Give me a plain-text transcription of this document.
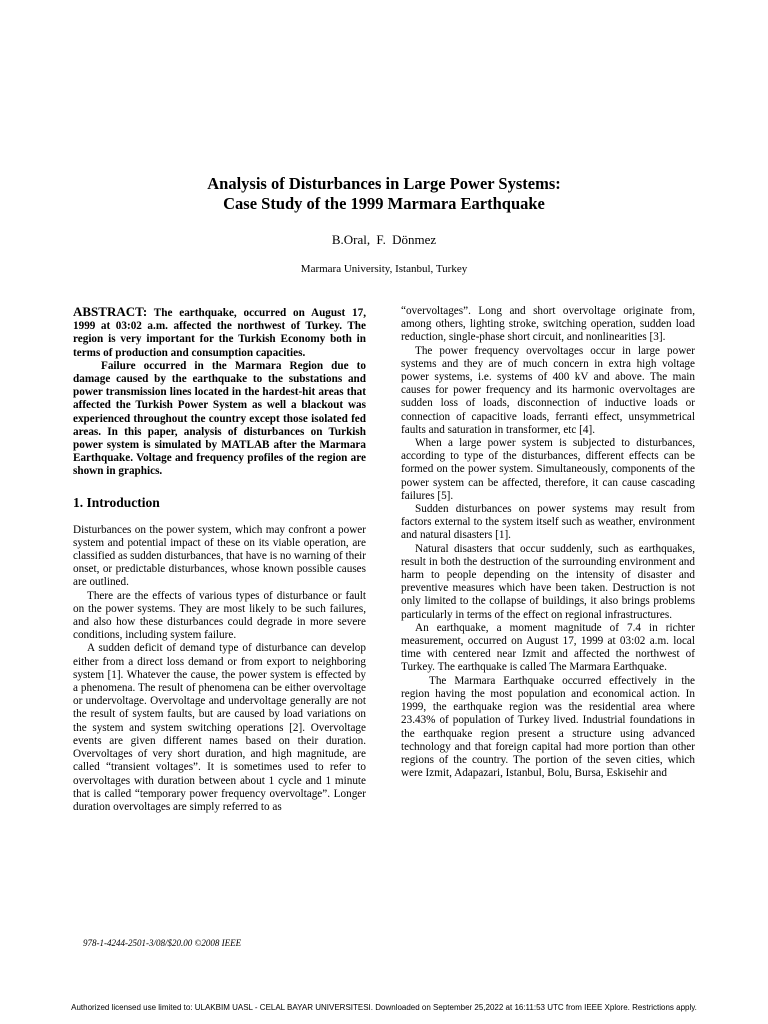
Analysis of Disturbances in Large Power Systems:
Case Study of the 1999 Marmara Earthquake
B.Oral, F. Dönmez
Marmara University, Istanbul, Turkey

ABSTRACT: The earthquake, occurred on August 17, 1999 at 03:02 a.m. affected the northwest of Turkey. The region is very important for the Turkish Economy both in terms of production and consumption capacities.

Failure occurred in the Marmara Region due to damage caused by the earthquake to the substations and power transmission lines located in the hardest-hit areas that affected the Turkish Power System as well a blackout was experienced throughout the country except those isolated fed areas. In this paper, analysis of disturbances on Turkish power system is simulated by MATLAB after the Marmara Earthquake. Voltage and frequency profiles of the region are shown in graphics.

1. Introduction

Disturbances on the power system, which may confront a power system and potential impact of these on its viable operation, are classified as sudden disturbances, that have is no warning of their onset, or predictable disturbances, whose known possible causes are outlined.

There are the effects of various types of disturbance or fault on the power systems. They are most likely to be such failures, and also how these disturbances could degrade in more severe conditions, including system failure.

A sudden deficit of demand type of disturbance can develop either from a direct loss demand or from export to neighboring system [1]. Whatever the cause, the power system is effected by a phenomena. The result of phenomena can be either overvoltage or undervoltage. Overvoltage and undervoltage generally are not the result of system faults, but are caused by load variations on the system and system switching operations [2]. Overvoltage events are given different names based on their duration. Overvoltages of very short duration, and high magnitude, are called “transient voltages”. It is sometimes used to refer to overvoltages with duration between about 1 cycle and 1 minute that is called “temporary power frequency overvoltage”. Longer duration overvoltages are simply referred to as

“overvoltages”. Long and short overvoltage originate from, among others, lighting stroke, switching operation, sudden load reduction, single-phase short circuit, and nonlinearities [3].

The power frequency overvoltages occur in large power systems and they are of much concern in extra high voltage power systems, i.e. systems of 400 kV and above. The main causes for power frequency and its harmonic overvoltages are sudden loss of loads, disconnection of inductive loads or connection of capacitive loads, ferranti effect, unsymmetrical faults and saturation in transformer, etc [4].

When a large power system is subjected to disturbances, according to type of the disturbances, different effects can be formed on the power system. Simultaneously, components of the power system can be affected, therefore, it can cause cascading failures [5].

Sudden disturbances on power systems may result from factors external to the system itself such as weather, environment and natural disasters [1].

Natural disasters that occur suddenly, such as earthquakes, result in both the destruction of the surrounding environment and harm to people depending on the intensity of disaster and preventive measures which have been taken. Destruction is not only limited to the collapse of buildings, it also brings problems particularly in terms of the effect on regional infrastructures.

An earthquake, a moment magnitude of 7.4 in richter measurement, occurred on August 17, 1999 at 03:02 a.m. local time with centered near Izmit and affected the northwest of Turkey. The earthquake is called The Marmara Earthquake.

The Marmara Earthquake occurred effectively in the region having the most population and economical action. In 1999, the earthquake region was the residential area where 23.43% of population of Turkey lived. Industrial foundations in the earthquake region present a structure using advanced technology and that foreign capital had more portion than other regions of the country. The portion of the seven cities, which were Izmit, Adapazari, Istanbul, Bolu, Bursa, Eskisehir and

978-1-4244-2501-3/08/$20.00 ©2008 IEEE
Authorized licensed use limited to: ULAKBIM UASL - CELAL BAYAR UNIVERSITESI. Downloaded on September 25,2022 at 16:11:53 UTC from IEEE Xplore. Restrictions apply.
